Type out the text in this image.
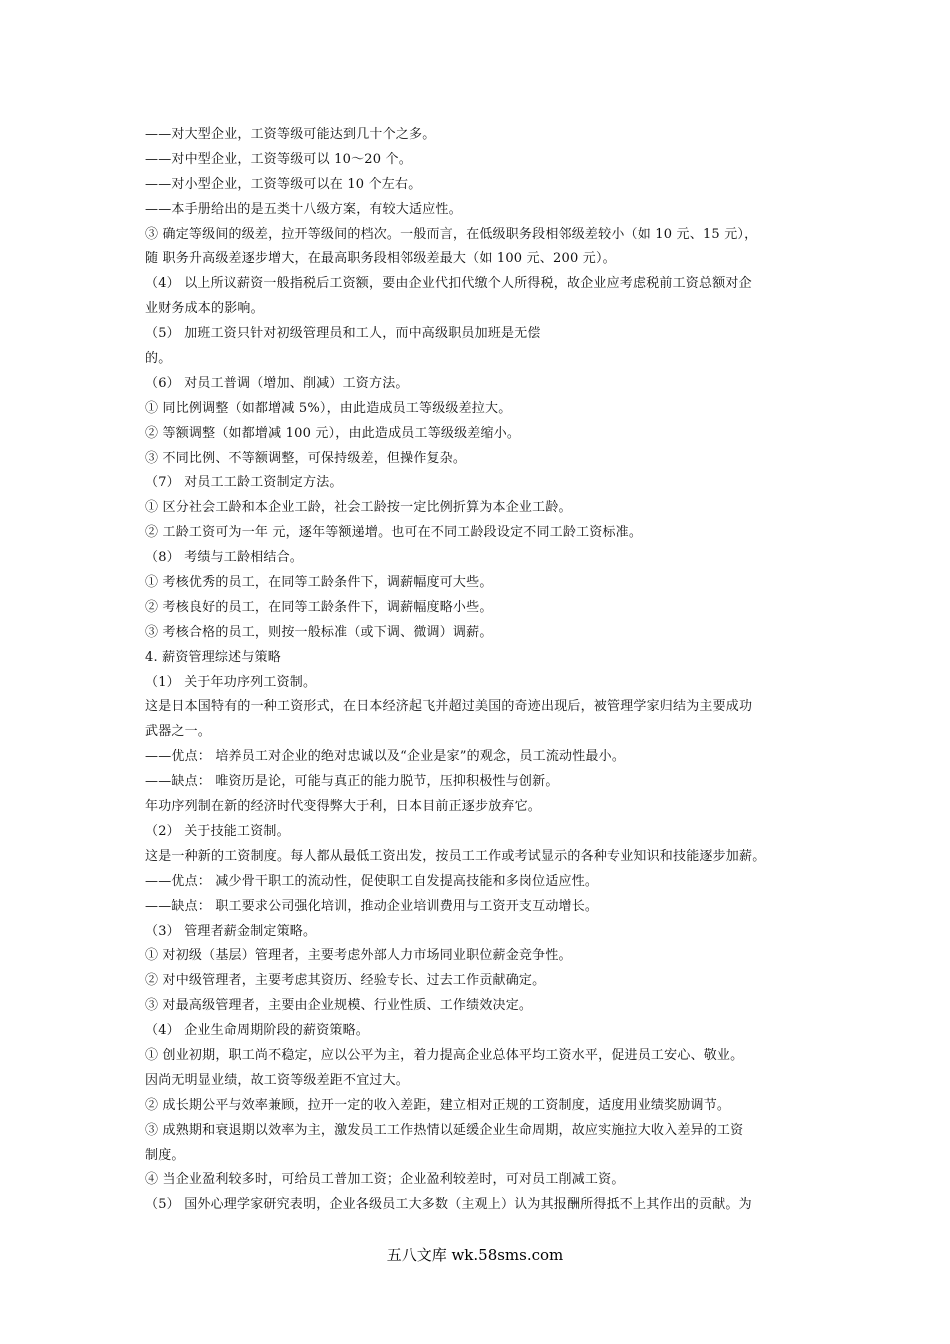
——对大型企业，工资等级可能达到几十个之多。
——对中型企业，工资等级可以 10～20 个。
——对小型企业，工资等级可以在 10 个左右。
——本手册给出的是五类十八级方案，有较大适应性。
③ 确定等级间的级差，拉开等级间的档次。一般而言，在低级职务段相邻级差较小（如 10 元、15 元），
随 职务升高级差逐步增大，在最高职务段相邻级差最大（如 100 元、200 元）。
（4） 以上所议薪资一般指税后工资额，要由企业代扣代缴个人所得税，故企业应考虑税前工资总额对企
业财务成本的影响。
（5） 加班工资只针对初级管理员和工人，而中高级职员加班是无偿
的。
（6） 对员工普调（增加、削减）工资方法。
① 同比例调整（如都增减 5%），由此造成员工等级级差拉大。
② 等额调整（如都增减 100 元），由此造成员工等级级差缩小。
③ 不同比例、不等额调整，可保持级差，但操作复杂。
（7） 对员工工龄工资制定方法。
① 区分社会工龄和本企业工龄，社会工龄按一定比例折算为本企业工龄。
② 工龄工资可为一年 元，逐年等额递增。也可在不同工龄段设定不同工龄工资标准。
（8） 考绩与工龄相结合。
① 考核优秀的员工，在同等工龄条件下，调薪幅度可大些。
② 考核良好的员工，在同等工龄条件下，调薪幅度略小些。
③ 考核合格的员工，则按一般标准（或下调、微调）调薪。
4. 薪资管理综述与策略
（1） 关于年功序列工资制。
这是日本国特有的一种工资形式，在日本经济起飞并超过美国的奇迹出现后，被管理学家归结为主要成功
武器之一。
——优点： 培养员工对企业的绝对忠诚以及“企业是家”的观念，员工流动性最小。
——缺点： 唯资历是论，可能与真正的能力脱节，压抑积极性与创新。
年功序列制在新的经济时代变得弊大于利，日本目前正逐步放弃它。
（2） 关于技能工资制。
这是一种新的工资制度。每人都从最低工资出发，按员工工作或考试显示的各种专业知识和技能逐步加薪。
——优点： 减少骨干职工的流动性，促使职工自发提高技能和多岗位适应性。
——缺点： 职工要求公司强化培训，推动企业培训费用与工资开支互动增长。
（3） 管理者薪金制定策略。
① 对初级（基层）管理者，主要考虑外部人力市场同业职位薪金竞争性。
② 对中级管理者，主要考虑其资历、经验专长、过去工作贡献确定。
③ 对最高级管理者，主要由企业规模、行业性质、工作绩效决定。
（4） 企业生命周期阶段的薪资策略。
① 创业初期，职工尚不稳定，应以公平为主，着力提高企业总体平均工资水平，促进员工安心、敬业。
因尚无明显业绩，故工资等级差距不宜过大。
② 成长期公平与效率兼顾，拉开一定的收入差距，建立相对正规的工资制度，适度用业绩奖励调节。
③ 成熟期和衰退期以效率为主，激发员工工作热情以延缓企业生命周期，故应实施拉大收入差异的工资
制度。
④ 当企业盈利较多时，可给员工普加工资；企业盈利较差时，可对员工削减工资。
（5） 国外心理学家研究表明，企业各级员工大多数（主观上）认为其报酬所得抵不上其作出的贡献。为
五八文库 wk.58sms.com
